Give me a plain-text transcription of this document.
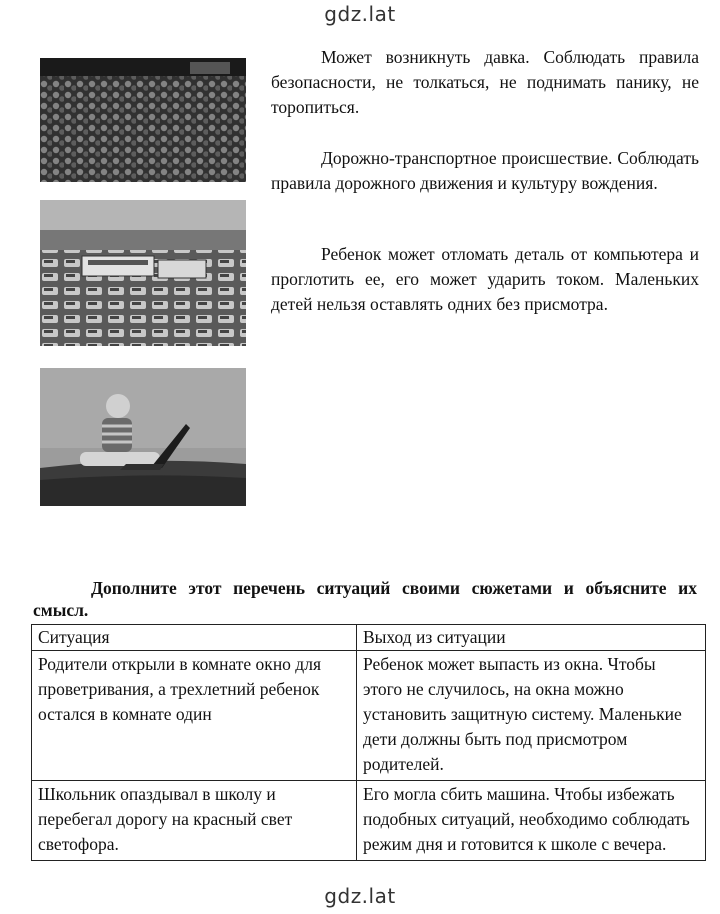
gdz.lat
Может возникнуть давка. Соблюдать правила безопасности, не толкаться, не поднимать панику, не торопиться.
Дорожно-транспортное происшествие. Соблюдать правила дорожного движения и культуру вождения.
Ребенок может отломать деталь от компьютера и проглотить ее, его может ударить током. Маленьких детей нельзя оставлять одних без присмотра.
Дополните этот перечень ситуаций своими сюжетами и объясните их смысл.
Ситуация	Выход из ситуации
Родители открыли в комнате окно для проветривания, а трехлетний ребенок остался в комнате один	Ребенок может выпасть из окна. Чтобы этого не случилось, на окна можно установить защитную систему. Маленькие дети должны быть под присмотром родителей.
Школьник опаздывал в школу и перебегал дорогу на красный свет светофора.	Его могла сбить машина. Чтобы избежать подобных ситуаций, необходимо соблюдать режим дня и готовится к школе с вечера.
gdz.lat
